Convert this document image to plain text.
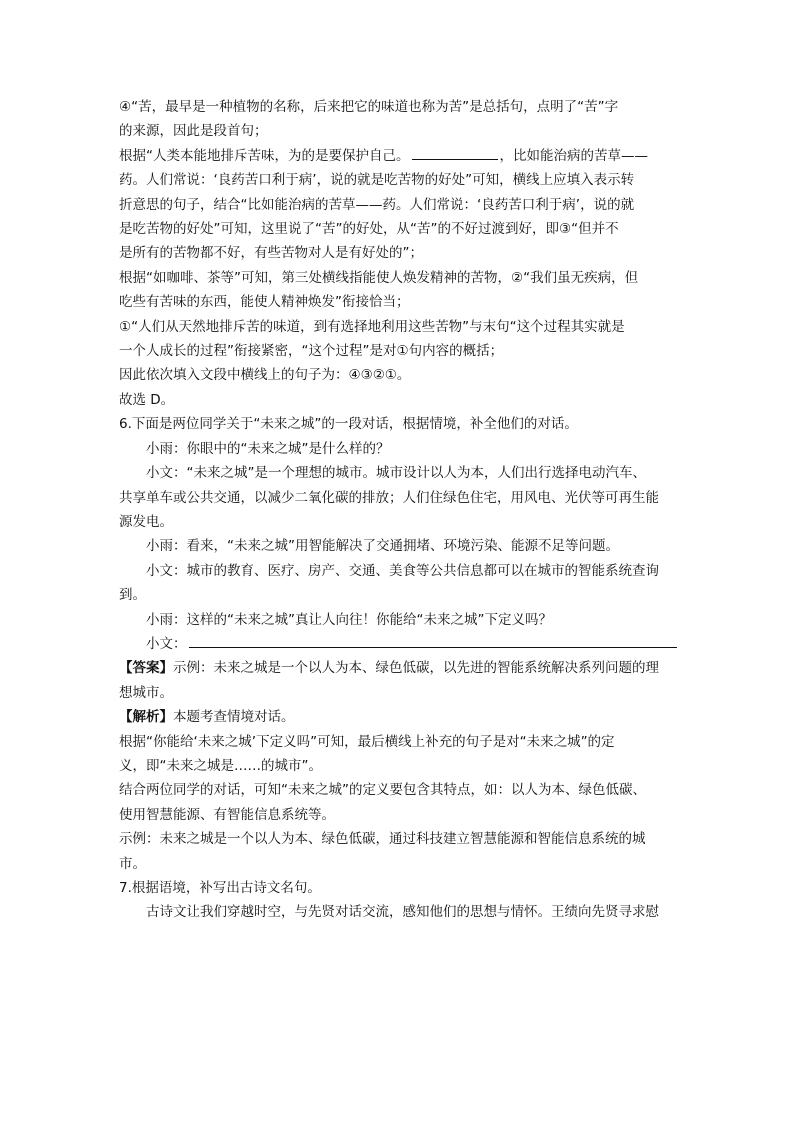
④“苦，最早是一种植物的名称，后来把它的味道也称为苦”是总括句，点明了“苦”字

的来源，因此是段首句；

根据“人类本能地排斥苦味，为的是要保护自己。	，比如能治病的苦草——

药。人们常说：‘良药苦口利于病’，说的就是吃苦物的好处”可知，横线上应填入表示转

折意思的句子，结合“比如能治病的苦草——药。人们常说：‘良药苦口利于病’，说的就

是吃苦物的好处”可知，这里说了“苦”的好处，从“苦”的不好过渡到好，即③“但并不

是所有的苦物都不好，有些苦物对人是有好处的”；

根据“如咖啡、茶等”可知，第三处横线指能使人焕发精神的苦物，②“我们虽无疾病，但

吃些有苦味的东西，能使人精神焕发”衔接恰当；

①“人们从天然地排斥苦的味道，到有选择地利用这些苦物”与末句“这个过程其实就是

一个人成长的过程”衔接紧密，“这个过程”是对①句内容的概括；

因此依次填入文段中横线上的句子为：④③②①。

故选 D。

6.下面是两位同学关于“未来之城”的一段对话，根据情境，补全他们的对话。

小雨：你眼中的“未来之城”是什么样的？

小文：“未来之城”是一个理想的城市。城市设计以人为本，人们出行选择电动汽车、

共享单车或公共交通，以减少二氧化碳的排放；人们住绿色住宅，用风电、光伏等可再生能

源发电。

小雨：看来，“未来之城”用智能解决了交通拥堵、环境污染、能源不足等问题。

小文：城市的教育、医疗、房产、交通、美食等公共信息都可以在城市的智能系统查询

到。

小雨：这样的“未来之城”真让人向往！你能给“未来之城”下定义吗？

小文：

【答案】示例：未来之城是一个以人为本、绿色低碳，以先进的智能系统解决系列问题的理

想城市。

【解析】本题考查情境对话。

根据“你能给‘未来之城’下定义吗”可知，最后横线上补充的句子是对“未来之城”的定

义，即“未来之城是……的城市”。

结合两位同学的对话，可知“未来之城”的定义要包含其特点，如：以人为本、绿色低碳、

使用智慧能源、有智能信息系统等。

示例：未来之城是一个以人为本、绿色低碳，通过科技建立智慧能源和智能信息系统的城

市。

7.根据语境，补写出古诗文名句。

古诗文让我们穿越时空，与先贤对话交流，感知他们的思想与情怀。王绩向先贤寻求慰
